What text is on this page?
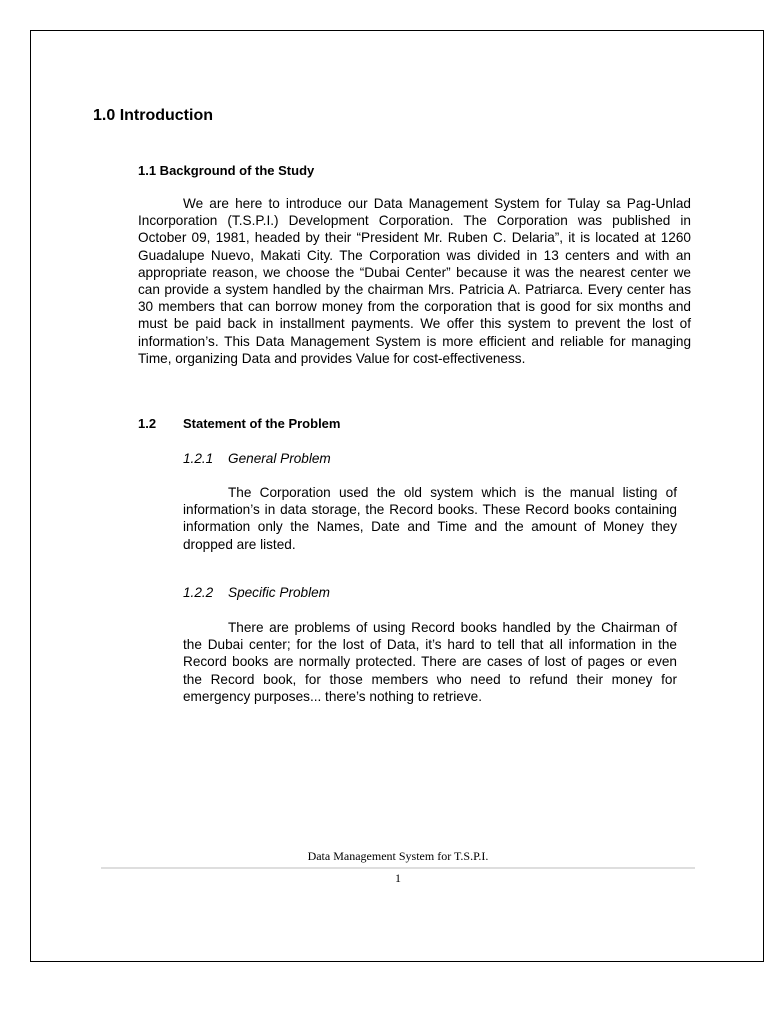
1.0 Introduction
1.1 Background of the Study

We are here to introduce our Data Management System for Tulay sa Pag-Unlad Incorporation (T.S.P.I.) Development Corporation. The Corporation was published in October 09, 1981, headed by their “President Mr. Ruben C. Delaria”, it is located at 1260 Guadalupe Nuevo, Makati City. The Corporation was divided in 13 centers and with an appropriate reason, we choose the “Dubai Center” because it was the nearest center we can provide a system handled by the chairman Mrs. Patricia A. Patriarca. Every center has 30 members that can borrow money from the corporation that is good for six months and must be paid back in installment payments. We offer this system to prevent the lost of information’s. This Data Management System is more efficient and reliable for managing Time, organizing Data and provides Value for cost-effectiveness.

1.2	Statement of the Problem
1.2.1	General Problem

The Corporation used the old system which is the manual listing of information’s in data storage, the Record books. These Record books containing information only the Names, Date and Time and the amount of Money they dropped are listed.

1.2.2	Specific Problem

There are problems of using Record books handled by the Chairman of the Dubai center; for the lost of Data, it’s hard to tell that all information in the Record books are normally protected. There are cases of lost of pages or even the Record book, for those members who need to refund their money for emergency purposes... there’s nothing to retrieve.

Data Management System for T.S.P.I.

1
